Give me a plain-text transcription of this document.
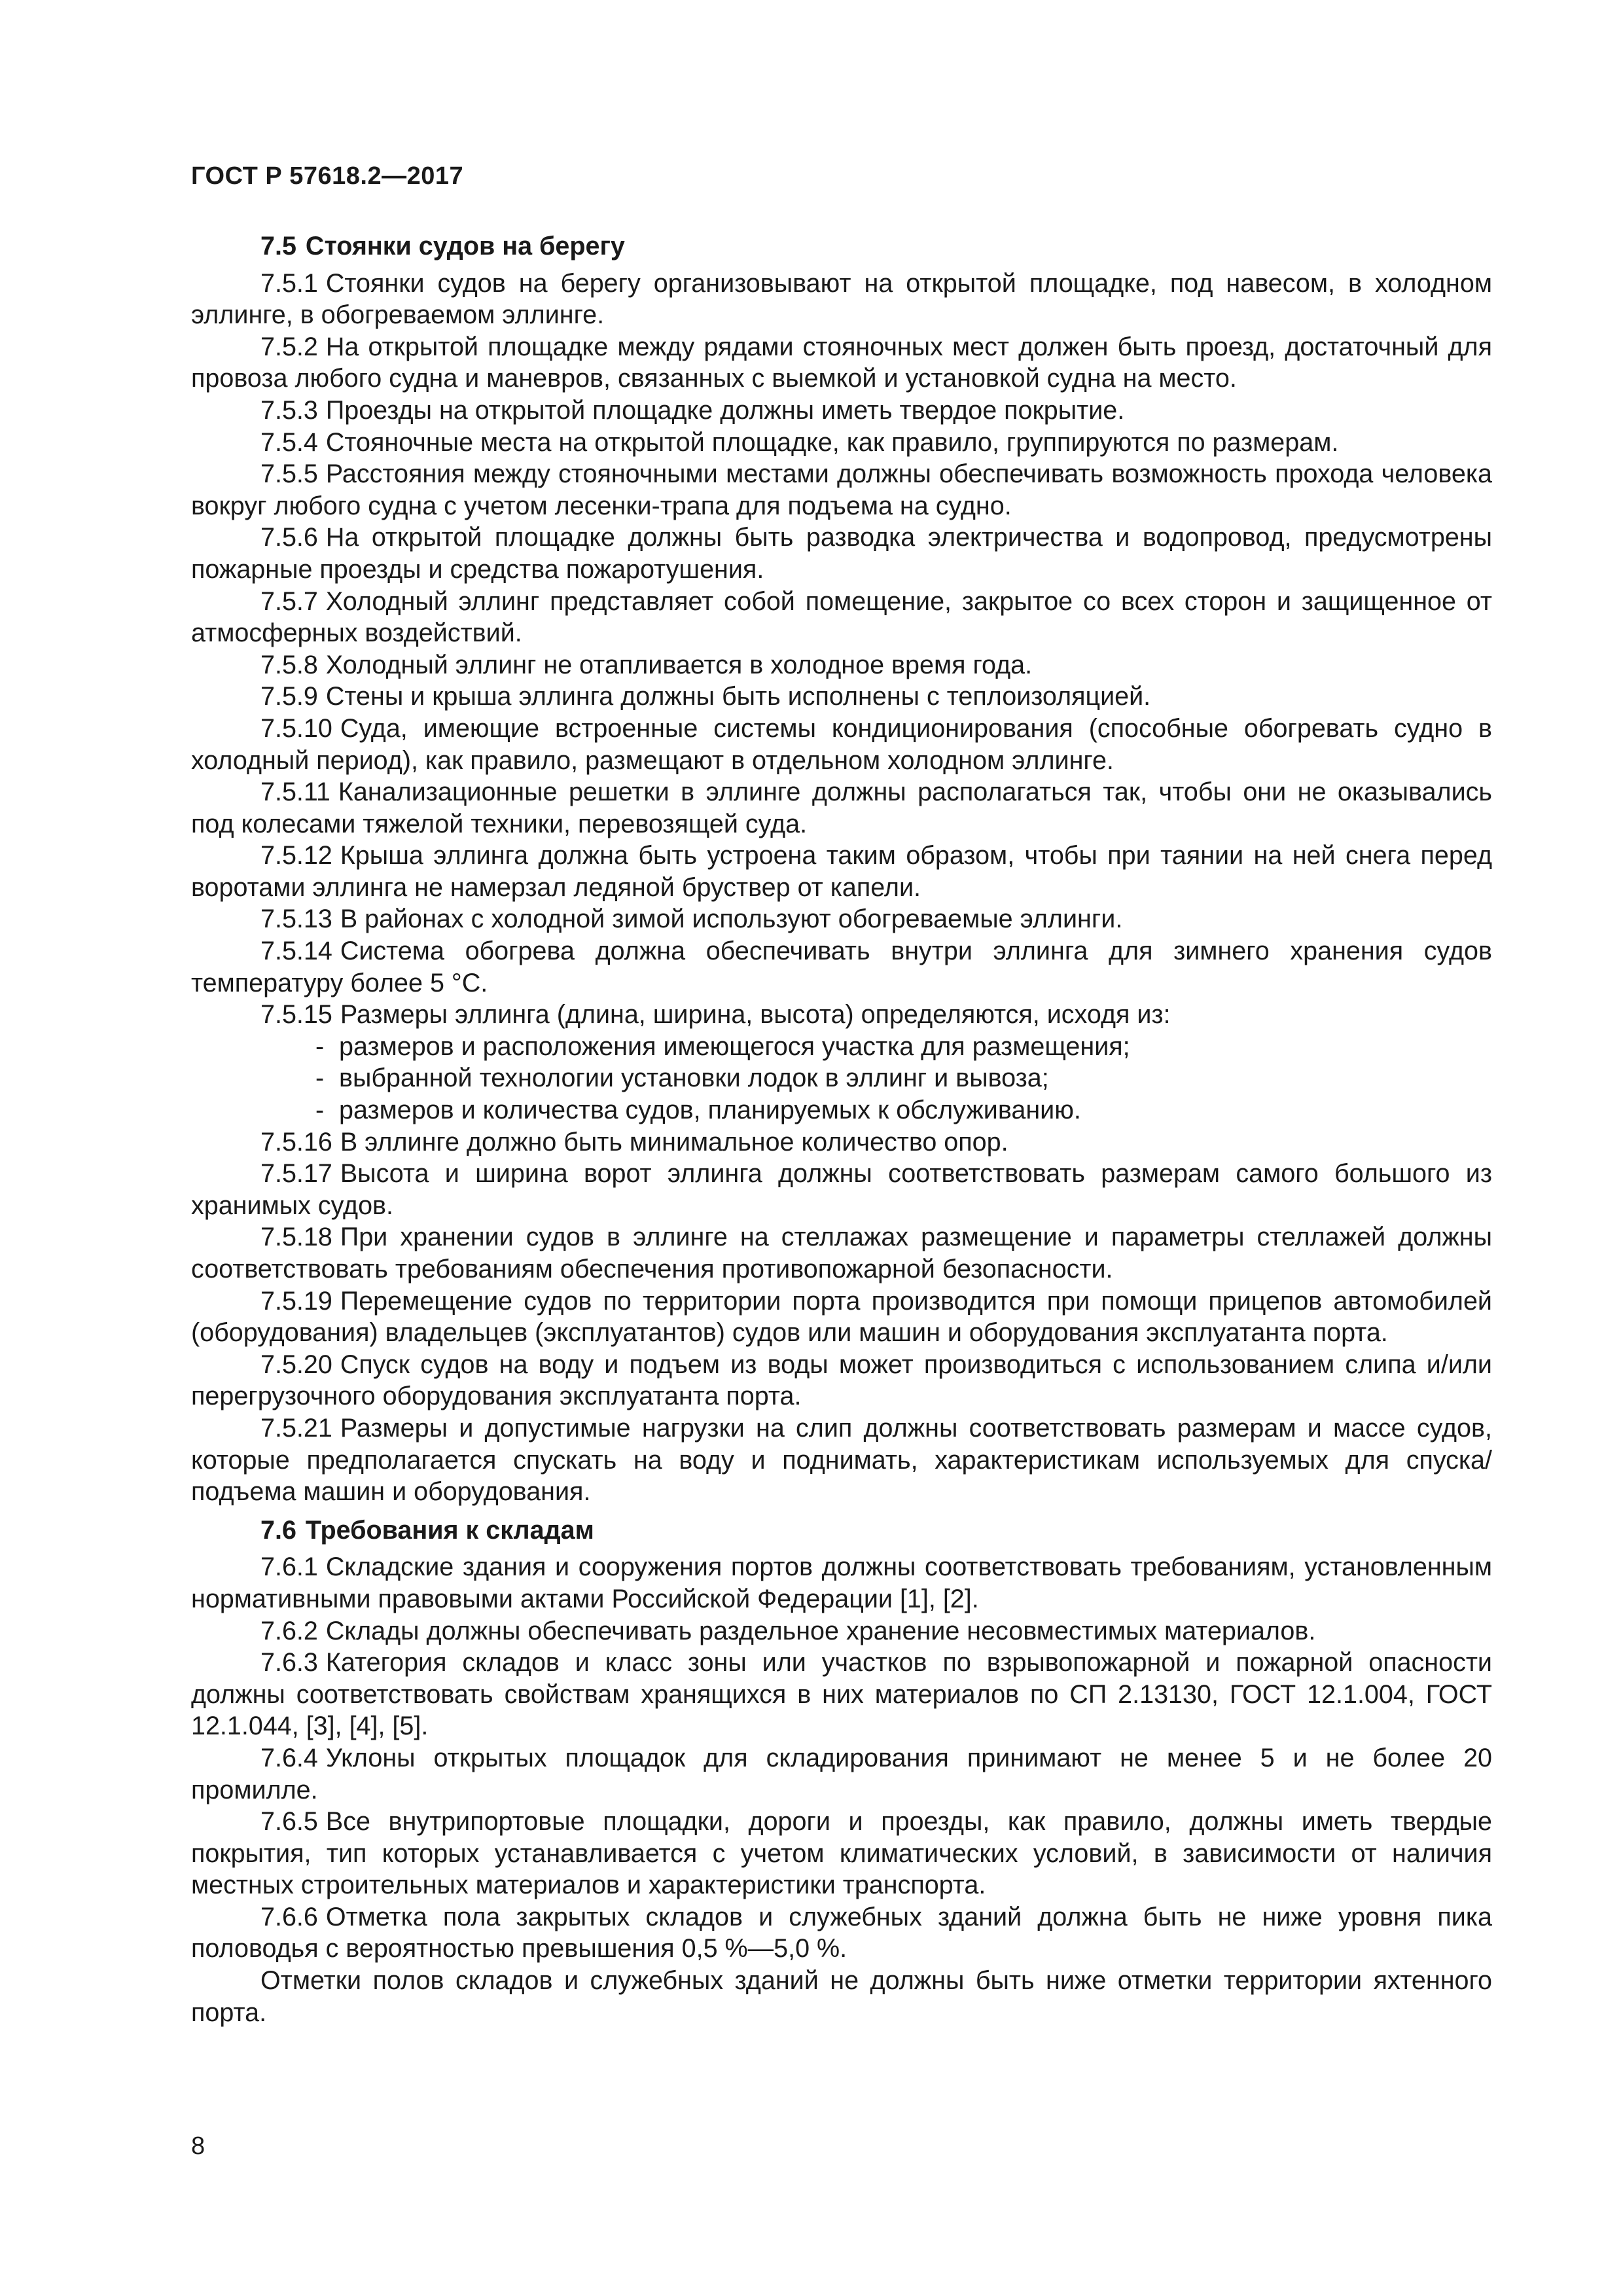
ГОСТ Р 57618.2—2017
7.5 Стоянки судов на берегу

7.5.1 Стоянки судов на берегу организовывают на открытой площадке, под навесом, в холодном эллинге, в обогреваемом эллинге.

7.5.2 На открытой площадке между рядами стояночных мест должен быть проезд, достаточный для провоза любого судна и маневров, связанных с выемкой и установкой судна на место.

7.5.3 Проезды на открытой площадке должны иметь твердое покрытие.

7.5.4 Стояночные места на открытой площадке, как правило, группируются по размерам.

7.5.5 Расстояния между стояночными местами должны обеспечивать возможность прохода человека вокруг любого судна с учетом лесенки-трапа для подъема на судно.

7.5.6 На открытой площадке должны быть разводка электричества и водопровод, предусмотрены пожарные проезды и средства пожаротушения.

7.5.7 Холодный эллинг представляет собой помещение, закрытое со всех сторон и защищенное от атмосферных воздействий.

7.5.8 Холодный эллинг не отапливается в холодное время года.

7.5.9 Стены и крыша эллинга должны быть исполнены с теплоизоляцией.

7.5.10 Суда, имеющие встроенные системы кондиционирования (способные обогревать судно в холодный период), как правило, размещают в отдельном холодном эллинге.

7.5.11 Канализационные решетки в эллинге должны располагаться так, чтобы они не оказывались под колесами тяжелой техники, перевозящей суда.

7.5.12 Крыша эллинга должна быть устроена таким образом, чтобы при таянии на ней снега перед воротами эллинга не намерзал ледяной бруствер от капели.

7.5.13 В районах с холодной зимой используют обогреваемые эллинги.

7.5.14 Система обогрева должна обеспечивать внутри эллинга для зимнего хранения судов температуру более 5 °С.

7.5.15 Размеры эллинга (длина, ширина, высота) определяются, исходя из:

- размеров и расположения имеющегося участка для размещения;
- выбранной технологии установки лодок в эллинг и вывоза;
- размеров и количества судов, планируемых к обслуживанию.

7.5.16 В эллинге должно быть минимальное количество опор.

7.5.17 Высота и ширина ворот эллинга должны соответствовать размерам самого большого из хранимых судов.

7.5.18 При хранении судов в эллинге на стеллажах размещение и параметры стеллажей должны соответствовать требованиям обеспечения противопожарной безопасности.

7.5.19 Перемещение судов по территории порта производится при помощи прицепов автомобилей (оборудования) владельцев (эксплуатантов) судов или машин и оборудования эксплуатанта порта.

7.5.20 Спуск судов на воду и подъем из воды может производиться с использованием слипа и/или перегрузочного оборудования эксплуатанта порта.

7.5.21 Размеры и допустимые нагрузки на слип должны соответствовать размерам и массе судов, которые предполагается спускать на воду и поднимать, характеристикам используемых для спуска/подъема машин и оборудования.

7.6 Требования к складам

7.6.1 Складские здания и сооружения портов должны соответствовать требованиям, установленным нормативными правовыми актами Российской Федерации [1], [2].

7.6.2 Склады должны обеспечивать раздельное хранение несовместимых материалов.

7.6.3 Категория складов и класс зоны или участков по взрывопожарной и пожарной опасности должны соответствовать свойствам хранящихся в них материалов по СП 2.13130, ГОСТ 12.1.004, ГОСТ 12.1.044, [3], [4], [5].

7.6.4 Уклоны открытых площадок для складирования принимают не менее 5 и не более 20 промилле.

7.6.5 Все внутрипортовые площадки, дороги и проезды, как правило, должны иметь твердые покрытия, тип которых устанавливается с учетом климатических условий, в зависимости от наличия местных строительных материалов и характеристики транспорта.

7.6.6 Отметка пола закрытых складов и служебных зданий должна быть не ниже уровня пика половодья с вероятностью превышения 0,5 %—5,0 %.

Отметки полов складов и служебных зданий не должны быть ниже отметки территории яхтенного порта.

8
